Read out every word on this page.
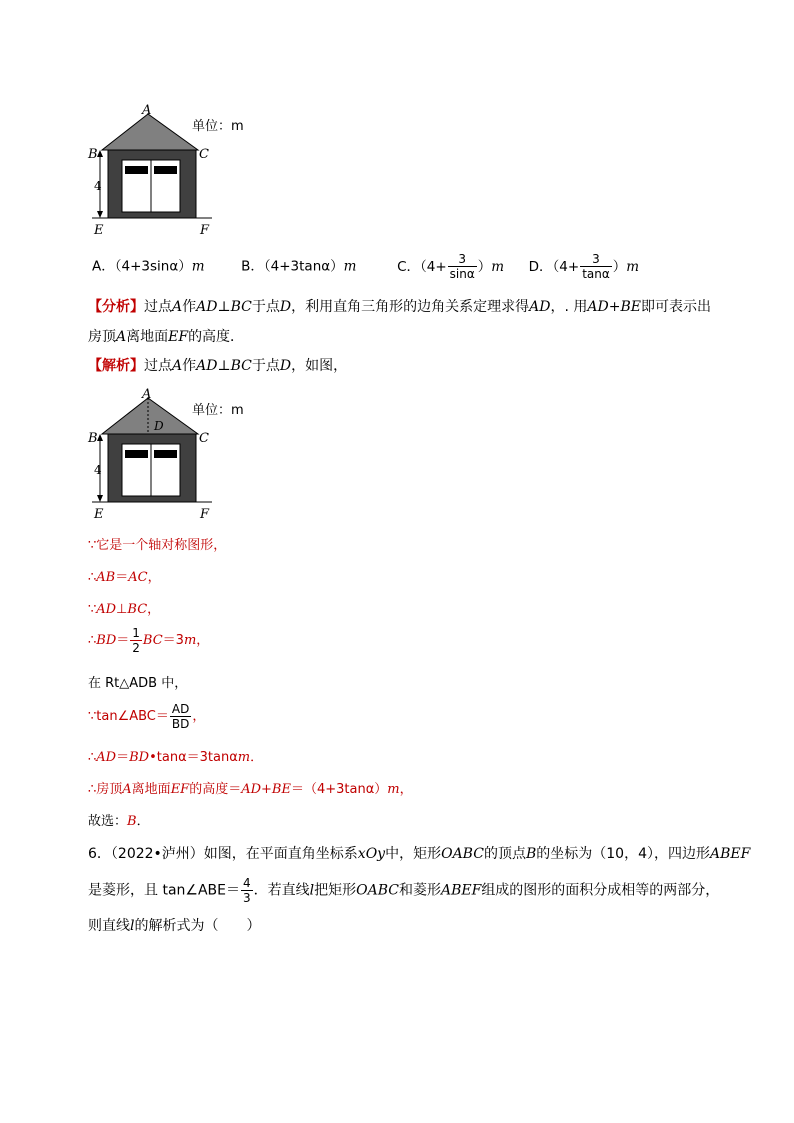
A
B	C
E	F
4
单位：m
A．（4+3sinα）m	B．（4+3tanα）m	C．$(4+ \frac{3}{\sin\alpha} )m$ D．$(4+ \frac{3}{\tan\alpha} )m$
【分析】过点A作AD⊥BC于点D，利用直角三角形的边角关系定理求得AD，. 用AD+BE即可表示出
房顶A离地面EF的高度．
【解析】过点A作AD⊥BC于点D，如图，
A
B	C
D
E	F
4
单位：m
∵它是一个轴对称图形，
∴AB＝AC，
∵AD⊥BC，
∴BD＝ $\frac{1}{2} BC=3m$，
在 Rt△ADB 中，
∵tan∠ABC＝ $\frac{AD}{BD}$ ，
∴AD＝BD•tanα＝3tanαm．
∴房顶A离地面EF的高度＝AD+BE＝（4+3tanα）m，
故选：B．
6．（2022•泸州）如图，在平面直角坐标系xOy中，矩形OABC的顶点B的坐标为（10，4），四边形ABEF
是菱形，且 tan∠ABE＝ $\frac{4}{3}$ ．若直线l把矩形OABC和菱形ABEF组成的图形的面积分成相等的两部分，
则直线l的解析式为（　　）
